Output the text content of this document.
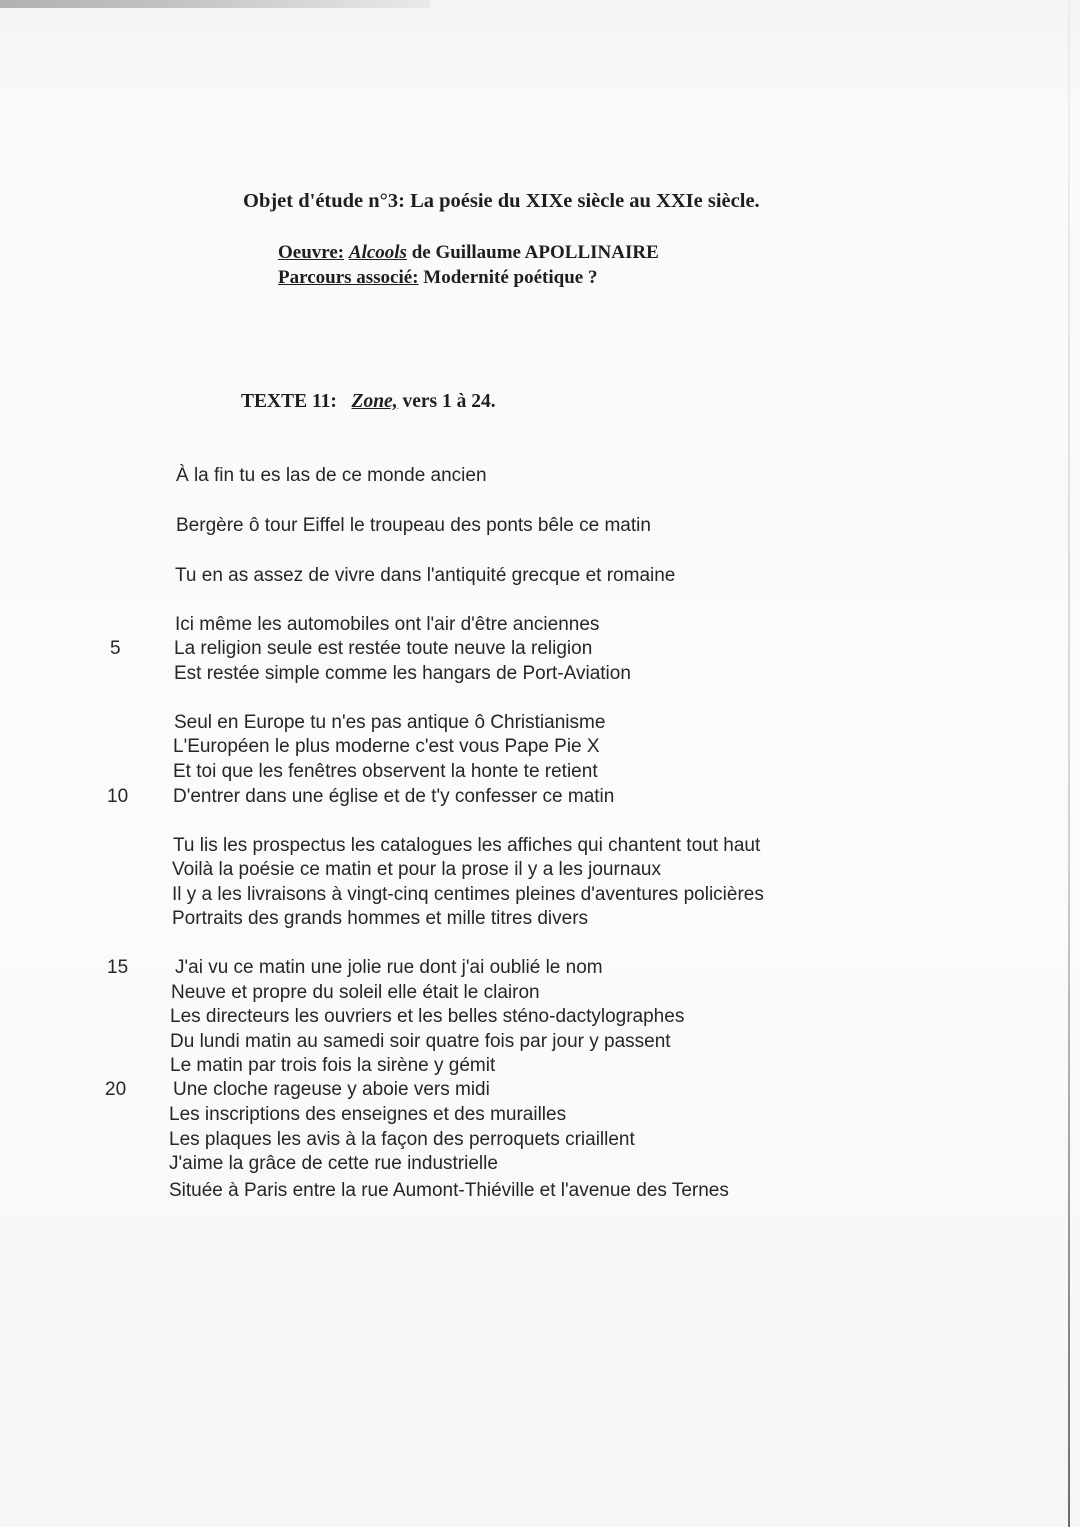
Objet d'étude n°3: La poésie du XIXe siècle au XXIe siècle.
Oeuvre: Alcools de Guillaume APOLLINAIRE
Parcours associé: Modernité poétique ?
TEXTE 11: Zone, vers 1 à 24.
À la fin tu es las de ce monde ancien
Bergère ô tour Eiffel le troupeau des ponts bêle ce matin
Tu en as assez de vivre dans l'antiquité grecque et romaine
Ici même les automobiles ont l'air d'être anciennes
La religion seule est restée toute neuve la religion
Est restée simple comme les hangars de Port-Aviation
Seul en Europe tu n'es pas antique ô Christianisme
L'Européen le plus moderne c'est vous Pape Pie X
Et toi que les fenêtres observent la honte te retient
D'entrer dans une église et de t'y confesser ce matin
Tu lis les prospectus les catalogues les affiches qui chantent tout haut
Voilà la poésie ce matin et pour la prose il y a les journaux
Il y a les livraisons à vingt-cinq centimes pleines d'aventures policières
Portraits des grands hommes et mille titres divers
J'ai vu ce matin une jolie rue dont j'ai oublié le nom
Neuve et propre du soleil elle était le clairon
Les directeurs les ouvriers et les belles sténo-dactylographes
Du lundi matin au samedi soir quatre fois par jour y passent
Le matin par trois fois la sirène y gémit
Une cloche rageuse y aboie vers midi
Les inscriptions des enseignes et des murailles
Les plaques les avis à la façon des perroquets criaillent
J'aime la grâce de cette rue industrielle
Située à Paris entre la rue Aumont-Thiéville et l'avenue des Ternes
5
10
15
20
